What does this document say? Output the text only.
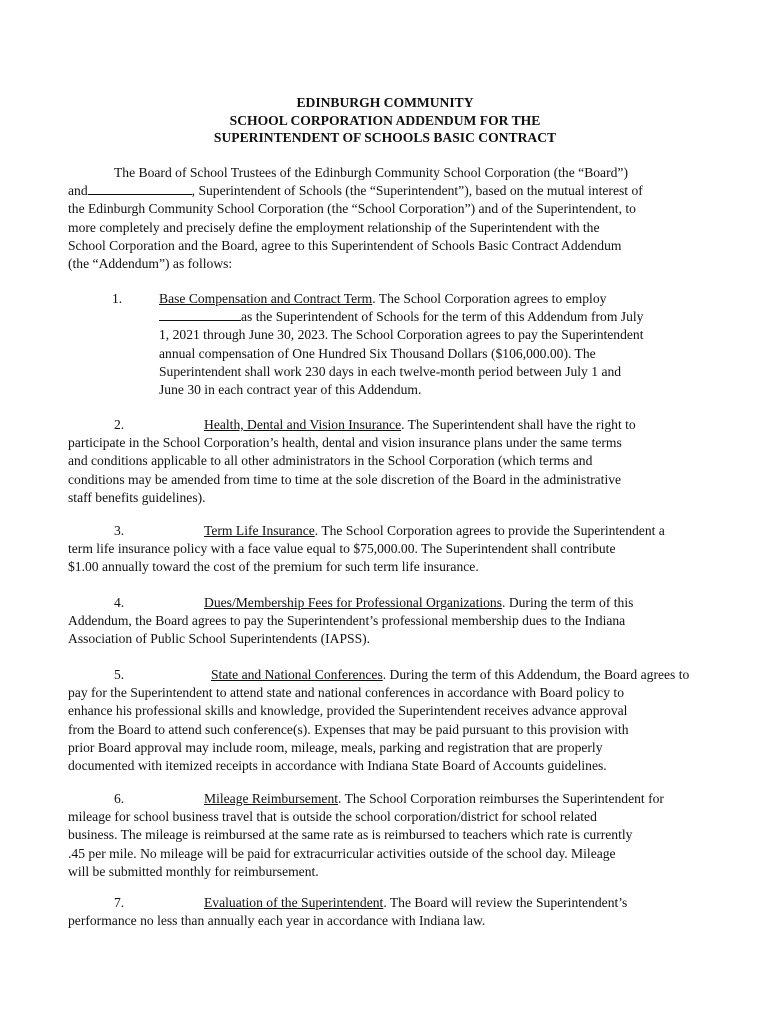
EDINBURGH COMMUNITY
SCHOOL CORPORATION ADDENDUM FOR THE
SUPERINTENDENT OF SCHOOLS BASIC CONTRACT
The Board of School Trustees of the Edinburgh Community School Corporation (the “Board”)
and	, Superintendent of Schools (the “Superintendent”), based on the mutual interest of
the Edinburgh Community School Corporation (the “School Corporation”) and of the Superintendent, to
more completely and precisely define the employment relationship of the Superintendent with the
School Corporation and the Board, agree to this Superintendent of Schools Basic Contract Addendum
(the “Addendum”) as follows:
1.	Base Compensation and Contract Term. The School Corporation agrees to employ
as the Superintendent of Schools for the term of this Addendum from July
1, 2021 through June 30, 2023. The School Corporation agrees to pay the Superintendent
annual compensation of One Hundred Six Thousand Dollars ($106,000.00). The
Superintendent shall work 230 days in each twelve-month period between July 1 and
June 30 in each contract year of this Addendum.
2.	Health, Dental and Vision Insurance. The Superintendent shall have the right to
participate in the School Corporation’s health, dental and vision insurance plans under the same terms
and conditions applicable to all other administrators in the School Corporation (which terms and
conditions may be amended from time to time at the sole discretion of the Board in the administrative
staff benefits guidelines).
3.	Term Life Insurance. The School Corporation agrees to provide the Superintendent a
term life insurance policy with a face value equal to $75,000.00. The Superintendent shall contribute
$1.00 annually toward the cost of the premium for such term life insurance.
4.	Dues/Membership Fees for Professional Organizations. During the term of this
Addendum, the Board agrees to pay the Superintendent’s professional membership dues to the Indiana
Association of Public School Superintendents (IAPSS).
5.	State and National Conferences. During the term of this Addendum, the Board agrees to
pay for the Superintendent to attend state and national conferences in accordance with Board policy to
enhance his professional skills and knowledge, provided the Superintendent receives advance approval
from the Board to attend such conference(s). Expenses that may be paid pursuant to this provision with
prior Board approval may include room, mileage, meals, parking and registration that are properly
documented with itemized receipts in accordance with Indiana State Board of Accounts guidelines.
6.	Mileage Reimbursement. The School Corporation reimburses the Superintendent for
mileage for school business travel that is outside the school corporation/district for school related
business. The mileage is reimbursed at the same rate as is reimbursed to teachers which rate is currently
.45 per mile. No mileage will be paid for extracurricular activities outside of the school day. Mileage
will be submitted monthly for reimbursement.
7.	Evaluation of the Superintendent. The Board will review the Superintendent’s
performance no less than annually each year in accordance with Indiana law.
